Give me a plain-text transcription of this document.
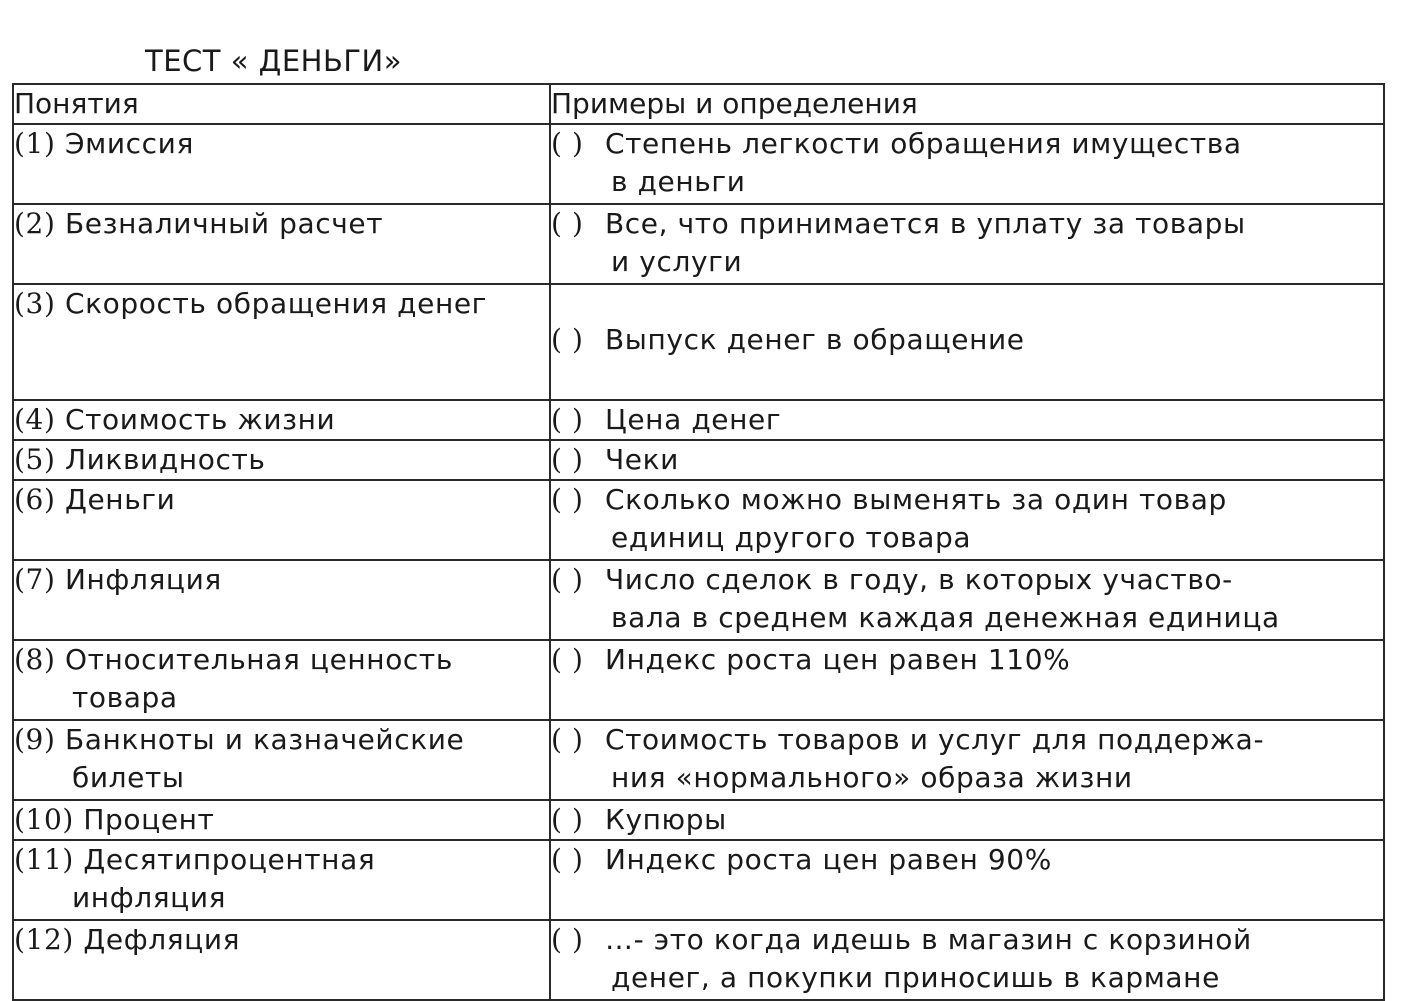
ТЕСТ « ДЕНЬГИ»
Понятия	Примеры и определения
(1) Эмиссия	( ) Степень легкости обращения имущества
в деньги

(2) Безналичный расчет	( ) Все, что принимается в уплату за товары
и услуги

(3) Скорость обращения денег	( ) Выпуск денег в обращение
(4) Стоимость жизни	( ) Цена денег
(5) Ликвидность	( ) Чеки
(6) Деньги	( ) Сколько можно выменять за один товар
единиц другого товара

(7) Инфляция	( ) Число сделок в году, в которых участво-
вала в среднем каждая денежная единица

(8) Относительная ценность
товара	( ) Индекс роста цен равен 110%
(9) Банкноты и казначейские
билеты	( ) Стоимость товаров и услуг для поддержа-
ния «нормального» образа жизни

(10) Процент	( ) Купюры
(11) Десятипроцентная
инфляция	( ) Индекс роста цен равен 90%
(12) Дефляция	( ) …- это когда идешь в магазин с корзиной
денег, а покупки приносишь в кармане
